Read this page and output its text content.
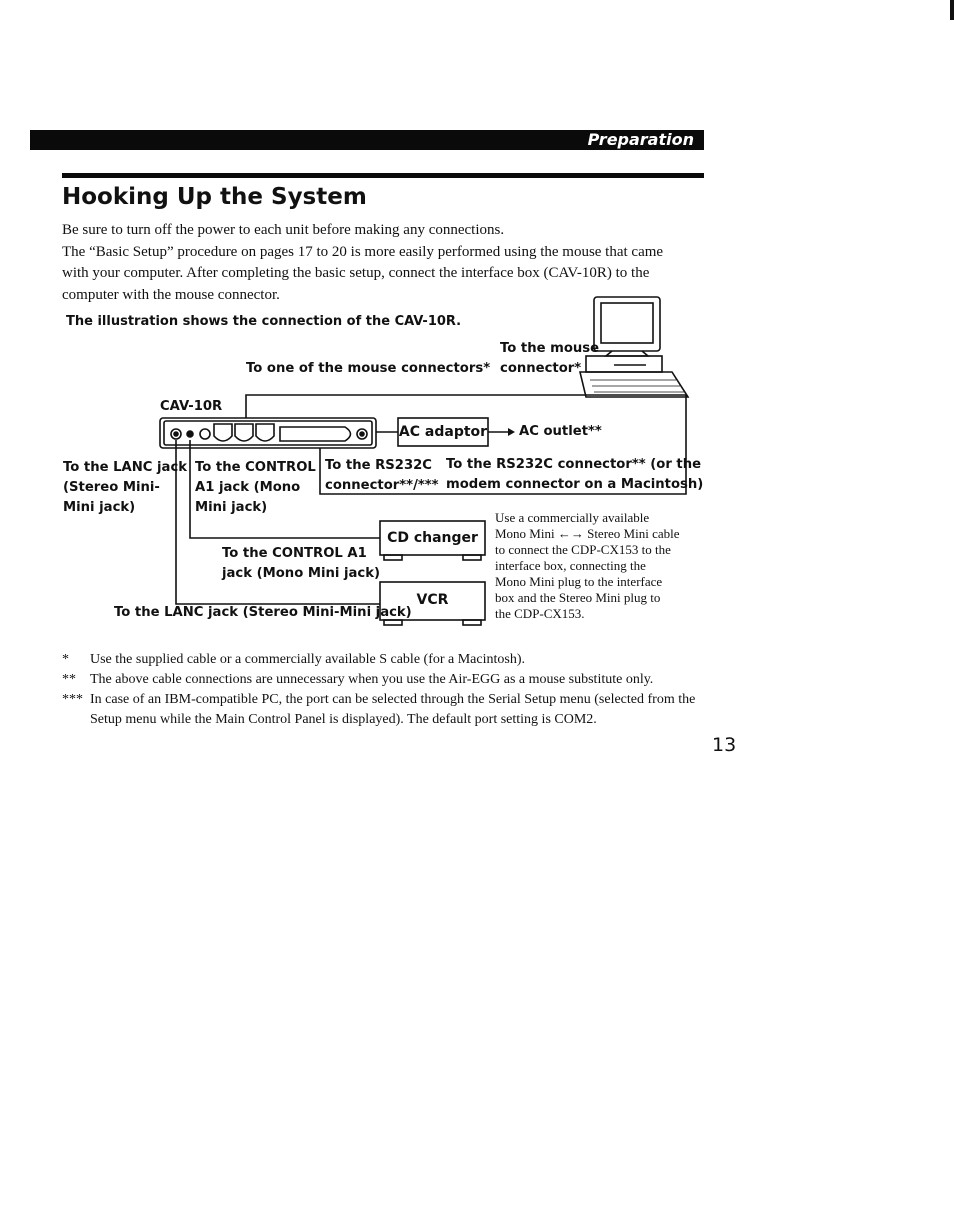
Preparation
Hooking Up the System

Be sure to turn off the power to each unit before making any connections.

The “Basic Setup” procedure on pages 17 to 20 is more easily performed using the mouse that came with your computer. After completing the basic setup, connect the interface box (CAV-10R) to the computer with the mouse connector.

The illustration shows the connection of the CAV-10R.
To the mouse
connector*
To one of the mouse connectors*
CAV-10R
AC adaptor AC outlet**
To the LANC jack
(Stereo Mini-
Mini jack)
To the CONTROL
A1 jack (Mono
Mini jack)
To the RS232C
connector**/***
To the RS232C connector** (or the
modem connector on a Macintosh)
CD changer
To the CONTROL A1
jack (Mono Mini jack)
VCR
To the LANC jack (Stereo Mini-Mini jack)
Use a commercially available
Mono Mini ←→ Stereo Mini cable
to connect the CDP-CX153 to the
interface box, connecting the
Mono Mini plug to the interface
box and the Stereo Mini plug to
the CDP-CX153.
* Use the supplied cable or a commercially available S cable (for a Macintosh).
** The above cable connections are unnecessary when you use the Air-EGG as a mouse substitute only.
*** In case of an IBM-compatible PC, the port can be selected through the Serial Setup menu (selected from the Setup menu while the Main Control Panel is displayed). The default port setting is COM2.
13
